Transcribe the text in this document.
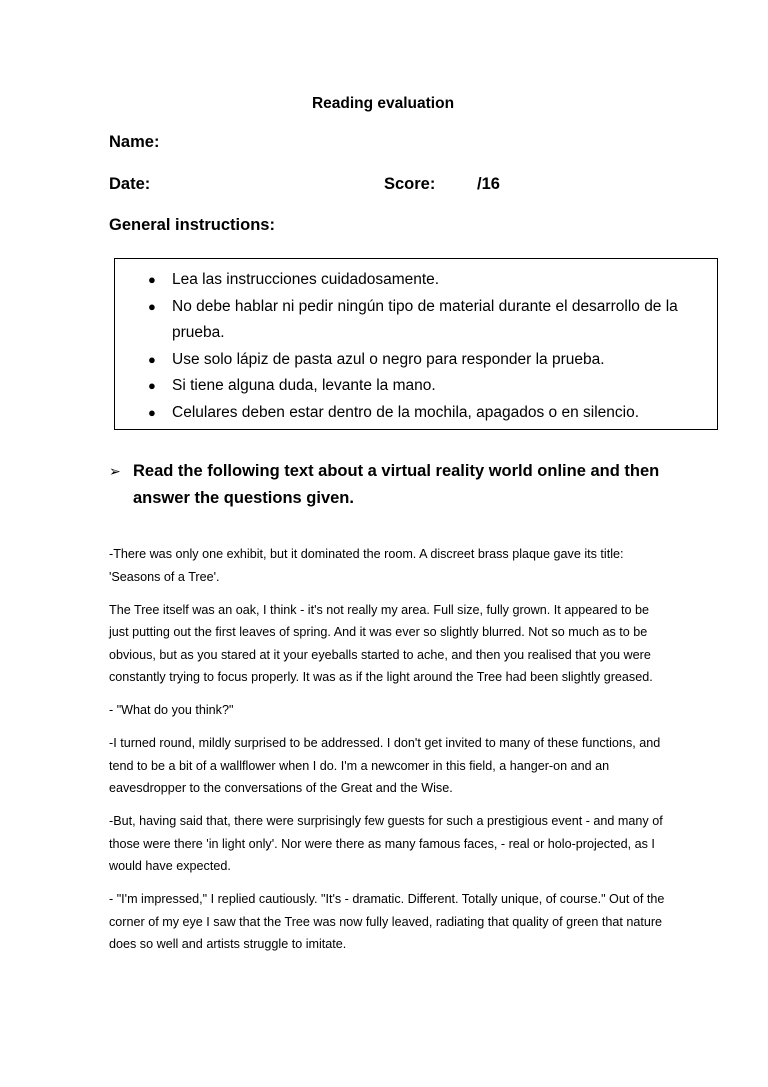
Reading evaluation
Name:
Date:	Score:	/16
General instructions:
● Lea las instrucciones cuidadosamente.
● No debe hablar ni pedir ningún tipo de material durante el desarrollo de la prueba.
● Use solo lápiz de pasta azul o negro para responder la prueba.
● Si tiene alguna duda, levante la mano.
● Celulares deben estar dentro de la mochila, apagados o en silencio.
➢ Read the following text about a virtual reality world online and then answer the questions given.

-There was only one exhibit, but it dominated the room. A discreet brass plaque gave its title: 'Seasons of a Tree'.

The Tree itself was an oak, I think - it's not really my area. Full size, fully grown. It appeared to be just putting out the first leaves of spring. And it was ever so slightly blurred. Not so much as to be obvious, but as you stared at it your eyeballs started to ache, and then you realised that you were constantly trying to focus properly. It was as if the light around the Tree had been slightly greased.

- "What do you think?"

-I turned round, mildly surprised to be addressed. I don't get invited to many of these functions, and tend to be a bit of a wallflower when I do. I'm a newcomer in this field, a hanger-on and an eavesdropper to the conversations of the Great and the Wise.

-But, having said that, there were surprisingly few guests for such a prestigious event - and many of those were there 'in light only'. Nor were there as many famous faces, - real or holo-projected, as I would have expected.

- "I'm impressed," I replied cautiously. "It's - dramatic. Different. Totally unique, of course." Out of the corner of my eye I saw that the Tree was now fully leaved, radiating that quality of green that nature does so well and artists struggle to imitate.
